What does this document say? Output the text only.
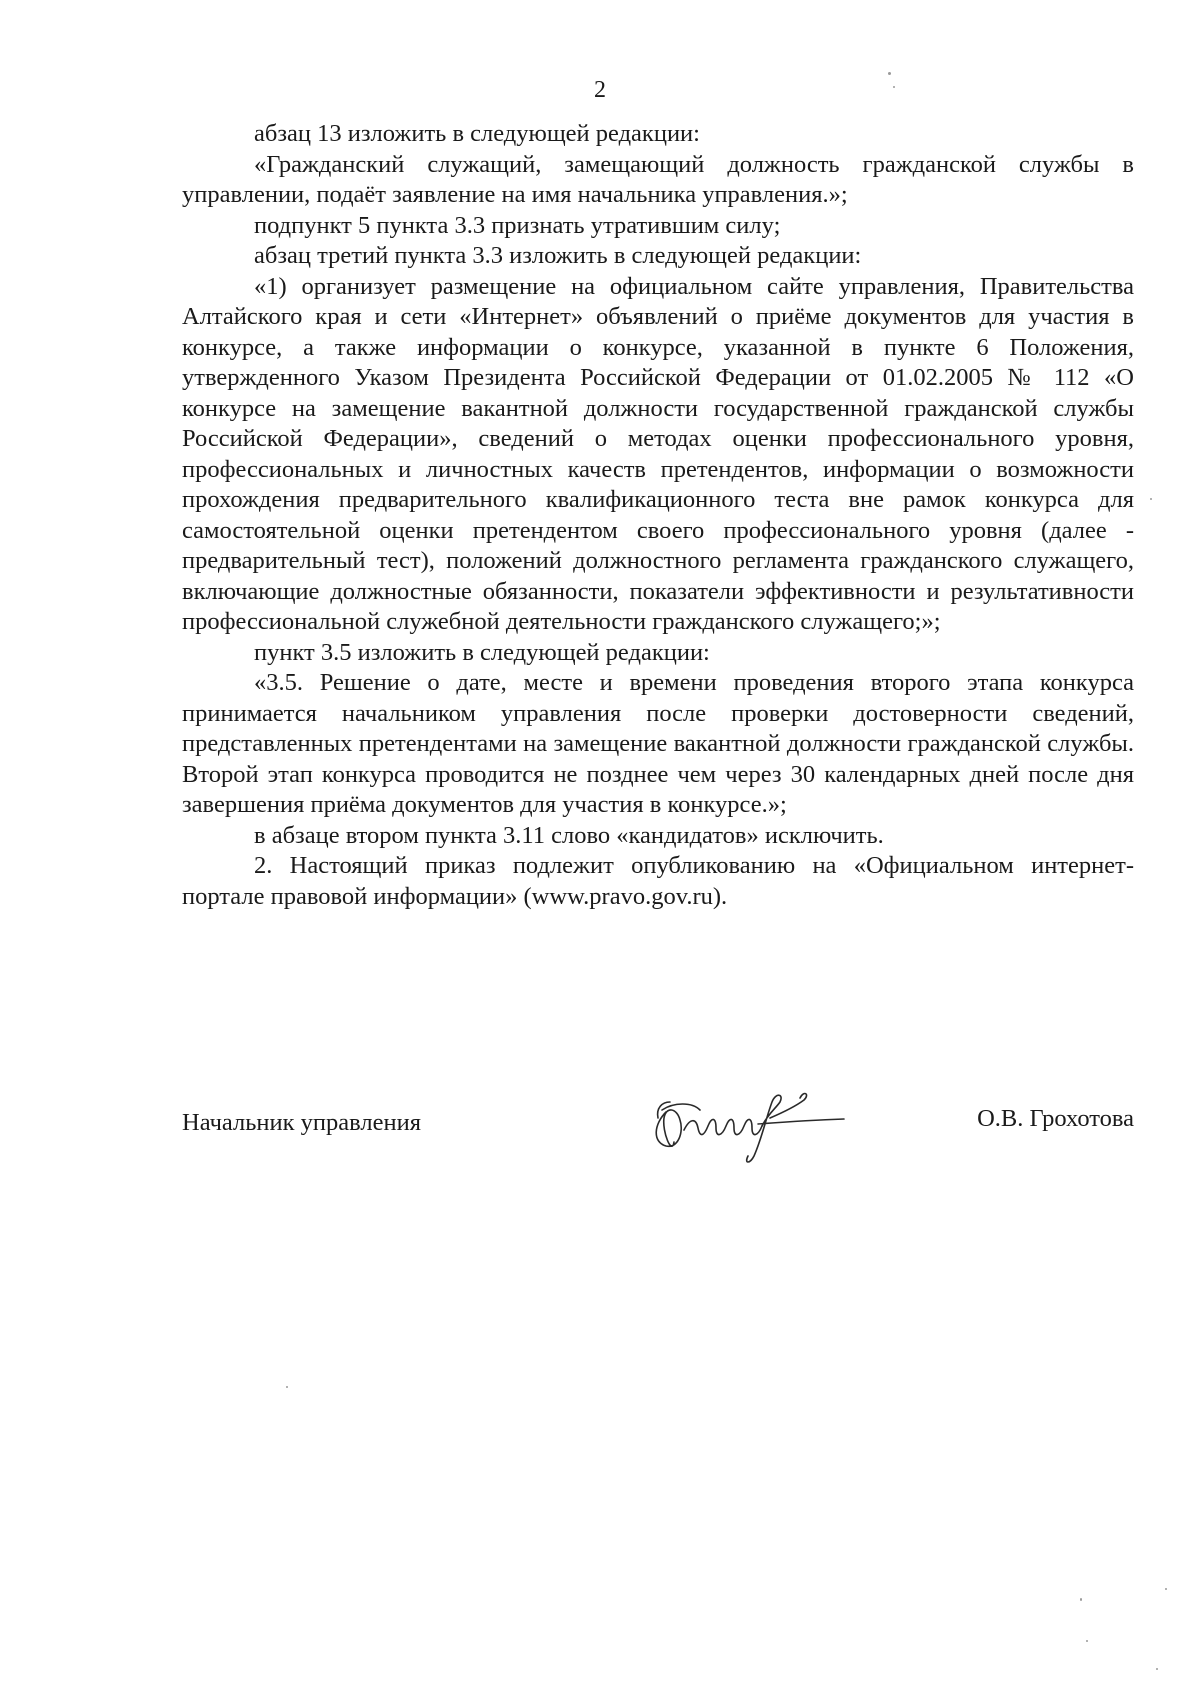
2

абзац 13 изложить в следующей редакции:

«Гражданский служащий, замещающий должность гражданской службы в управлении, подаёт заявление на имя начальника управления.»;

подпункт 5 пункта 3.3 признать утратившим силу;

абзац третий пункта 3.3 изложить в следующей редакции:

«1) организует размещение на официальном сайте управления, Правительства Алтайского края и сети «Интернет» объявлений о приёме документов для участия в конкурсе, а также информации о конкурсе, указанной в пункте 6 Положения, утвержденного Указом Президента Российской Федерации от 01.02.2005 № 112 «О конкурсе на замещение вакантной должности государственной гражданской службы Российской Федерации», сведений о методах оценки профессионального уровня, профессиональных и личностных качеств претендентов, информации о возможности прохождения предварительного квалификационного теста вне рамок конкурса для самостоятельной оценки претендентом своего профессионального уровня (далее - предварительный тест), положений должностного регламента гражданского служащего, включающие должностные обязанности, показатели эффективности и результативности профессиональной служебной деятельности гражданского служащего;»;

пункт 3.5 изложить в следующей редакции:

«3.5. Решение о дате, месте и времени проведения второго этапа конкурса принимается начальником управления после проверки достоверности сведений, представленных претендентами на замещение вакантной должности гражданской службы. Второй этап конкурса проводится не позднее чем через 30 календарных дней после дня завершения приёма документов для участия в конкурсе.»;

в абзаце втором пункта 3.11 слово «кандидатов» исключить.

2. Настоящий приказ подлежит опубликованию на «Официальном интернет-портале правовой информации» (www.pravo.gov.ru).

Начальник управления	О.В. Грохотова
